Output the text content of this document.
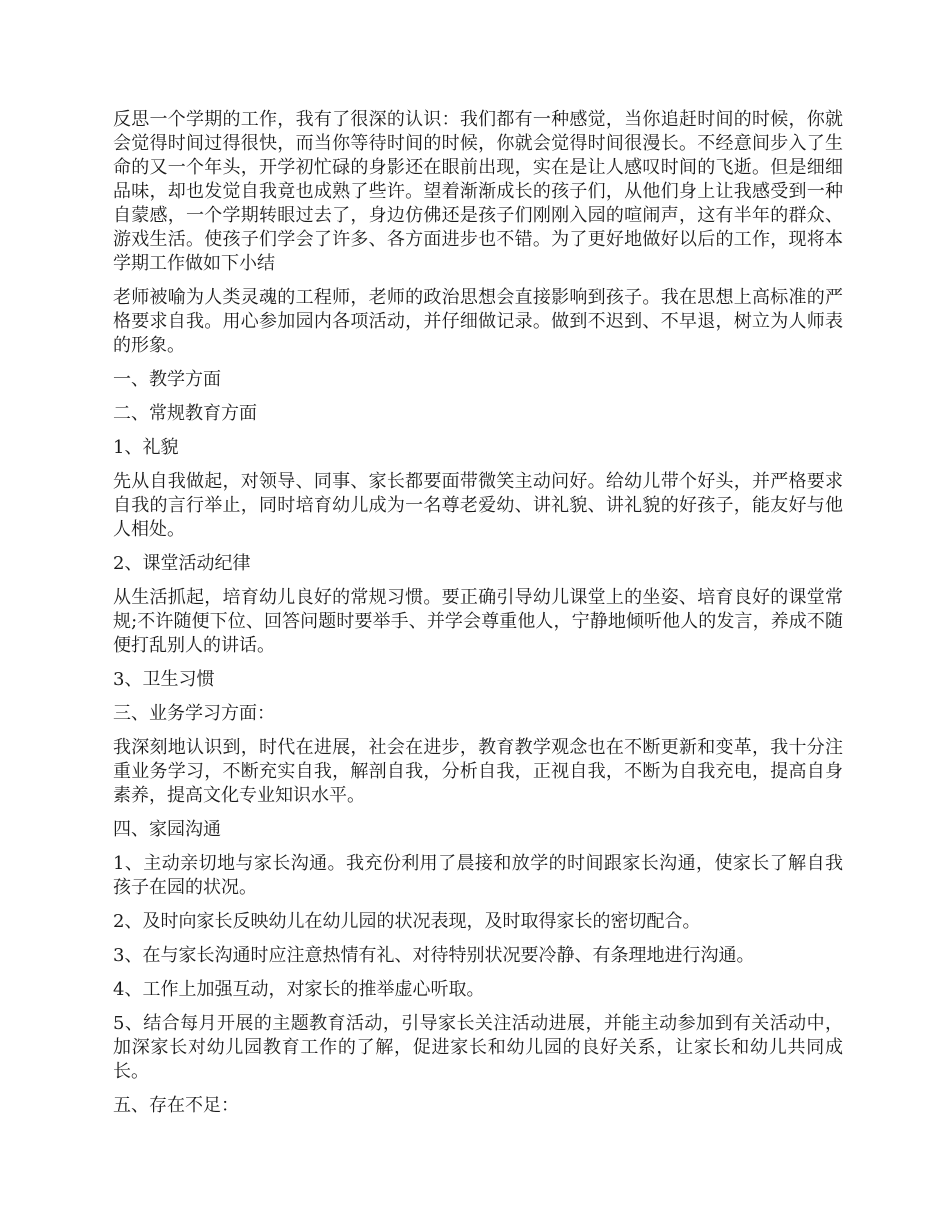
反思一个学期的工作，我有了很深的认识：我们都有一种感觉，当你追赶时间的时候，你就会觉得时间过得很快，而当你等待时间的时候，你就会觉得时间很漫长。不经意间步入了生命的又一个年头，开学初忙碌的身影还在眼前出现，实在是让人感叹时间的飞逝。但是细细品味，却也发觉自我竟也成熟了些许。望着渐渐成长的孩子们，从他们身上让我感受到一种自蒙感，一个学期转眼过去了，身边仿佛还是孩子们刚刚入园的喧闹声，这有半年的群众、游戏生活。使孩子们学会了许多、各方面进步也不错。为了更好地做好以后的工作，现将本学期工作做如下小结

老师被喻为人类灵魂的工程师，老师的政治思想会直接影响到孩子。我在思想上高标准的严格要求自我。用心参加园内各项活动，并仔细做记录。做到不迟到、不早退，树立为人师表的形象。

一、教学方面

二、常规教育方面

1、礼貌

先从自我做起，对领导、同事、家长都要面带微笑主动问好。给幼儿带个好头，并严格要求自我的言行举止，同时培育幼儿成为一名尊老爱幼、讲礼貌、讲礼貌的好孩子，能友好与他人相处。

2、课堂活动纪律

从生活抓起，培育幼儿良好的常规习惯。要正确引导幼儿课堂上的坐姿、培育良好的课堂常规;不许随便下位、回答问题时要举手、并学会尊重他人，宁静地倾听他人的发言，养成不随便打乱别人的讲话。

3、卫生习惯

三、业务学习方面：

我深刻地认识到，时代在进展，社会在进步，教育教学观念也在不断更新和变革，我十分注重业务学习，不断充实自我，解剖自我，分析自我，正视自我，不断为自我充电，提高自身素养，提高文化专业知识水平。

四、家园沟通

1、主动亲切地与家长沟通。我充份利用了晨接和放学的时间跟家长沟通，使家长了解自我孩子在园的状况。

2、及时向家长反映幼儿在幼儿园的状况表现，及时取得家长的密切配合。

3、在与家长沟通时应注意热情有礼、对待特别状况要冷静、有条理地进行沟通。

4、工作上加强互动，对家长的推举虚心听取。

5、结合每月开展的主题教育活动，引导家长关注活动进展，并能主动参加到有关活动中，加深家长对幼儿园教育工作的了解，促进家长和幼儿园的良好关系，让家长和幼儿共同成长。

五、存在不足：
